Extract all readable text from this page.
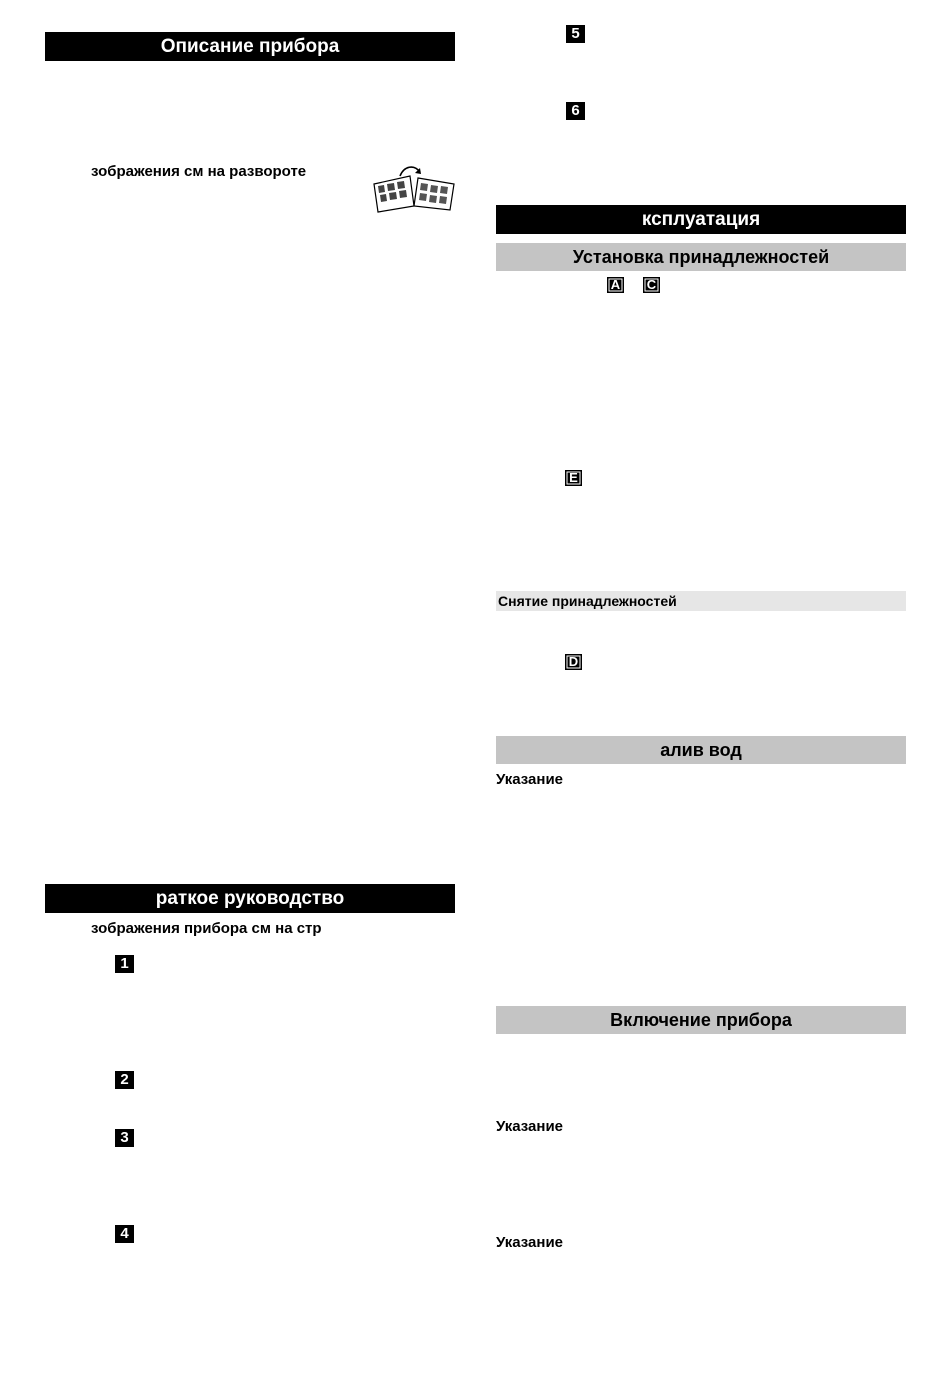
Описание прибора
зображения см на развороте
раткое руководство
зображения прибора см на стр
1
2
3
4
5
6
ксплуатация
Установка принадлежностей
A C
E
Снятие принадлежностей
D
алив вод
Указание
Включение прибора
Указание
Указание
